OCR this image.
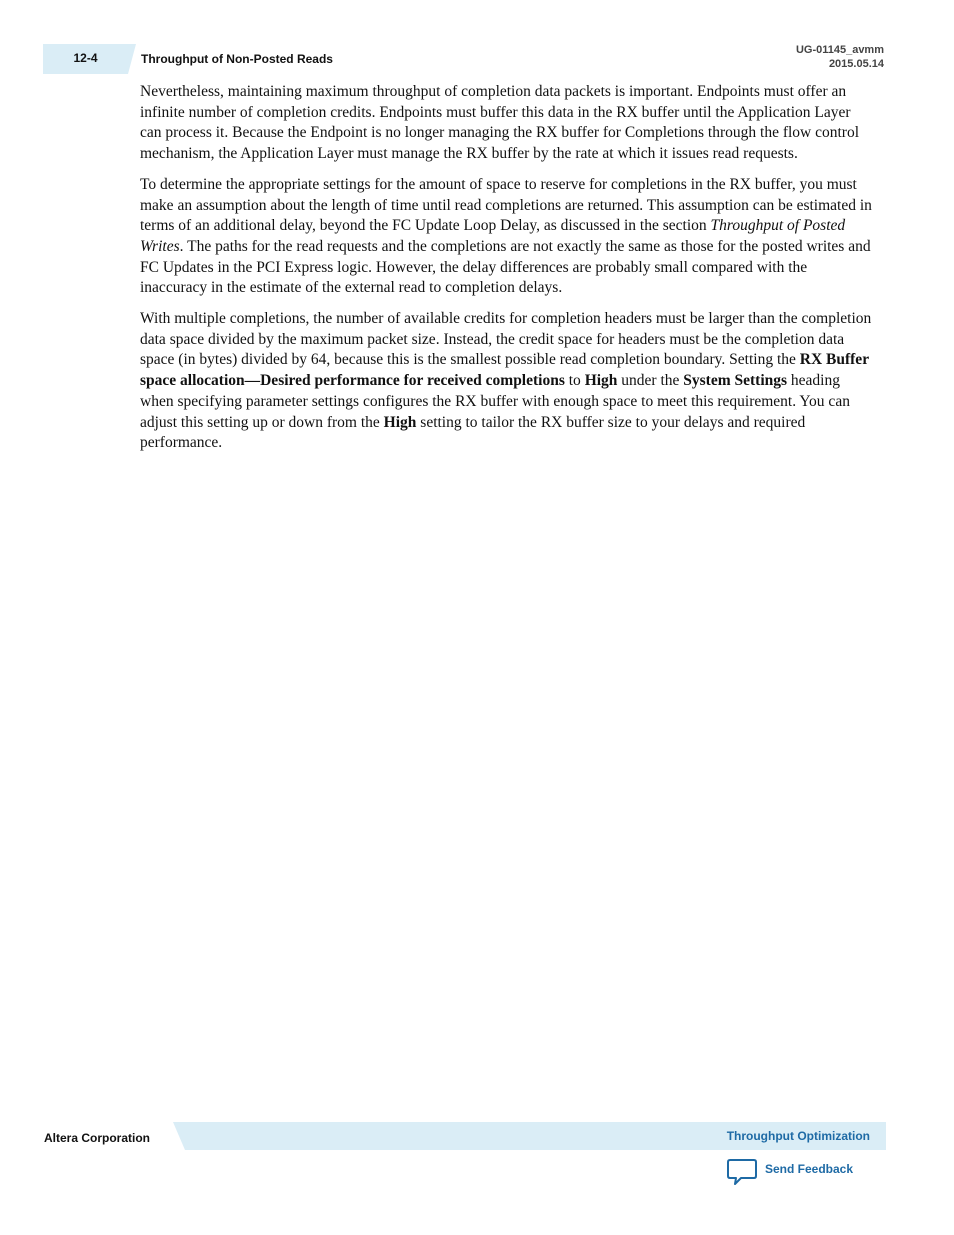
12-4	Throughput of Non-Posted Reads
UG-01145_avmm
2015.05.14

Nevertheless, maintaining maximum throughput of completion data packets is important. Endpoints must offer an infinite number of completion credits. Endpoints must buffer this data in the RX buffer until the Application Layer can process it. Because the Endpoint is no longer managing the RX buffer for Completions through the flow control mechanism, the Application Layer must manage the RX buffer by the rate at which it issues read requests.

To determine the appropriate settings for the amount of space to reserve for completions in the RX buffer, you must make an assumption about the length of time until read completions are returned. This assumption can be estimated in terms of an additional delay, beyond the FC Update Loop Delay, as discussed in the section Throughput of Posted Writes. The paths for the read requests and the completions are not exactly the same as those for the posted writes and FC Updates in the PCI Express logic. However, the delay differences are probably small compared with the inaccuracy in the estimate of the external read to completion delays.

With multiple completions, the number of available credits for completion headers must be larger than the completion data space divided by the maximum packet size. Instead, the credit space for headers must be the completion data space (in bytes) divided by 64, because this is the smallest possible read completion boundary. Setting the RX Buffer space allocation—Desired performance for received completions to High under the System Settings heading when specifying parameter settings configures the RX buffer with enough space to meet this requirement. You can adjust this setting up or down from the High setting to tailor the RX buffer size to your delays and required performance.

Altera Corporation	Throughput Optimization
Send Feedback
